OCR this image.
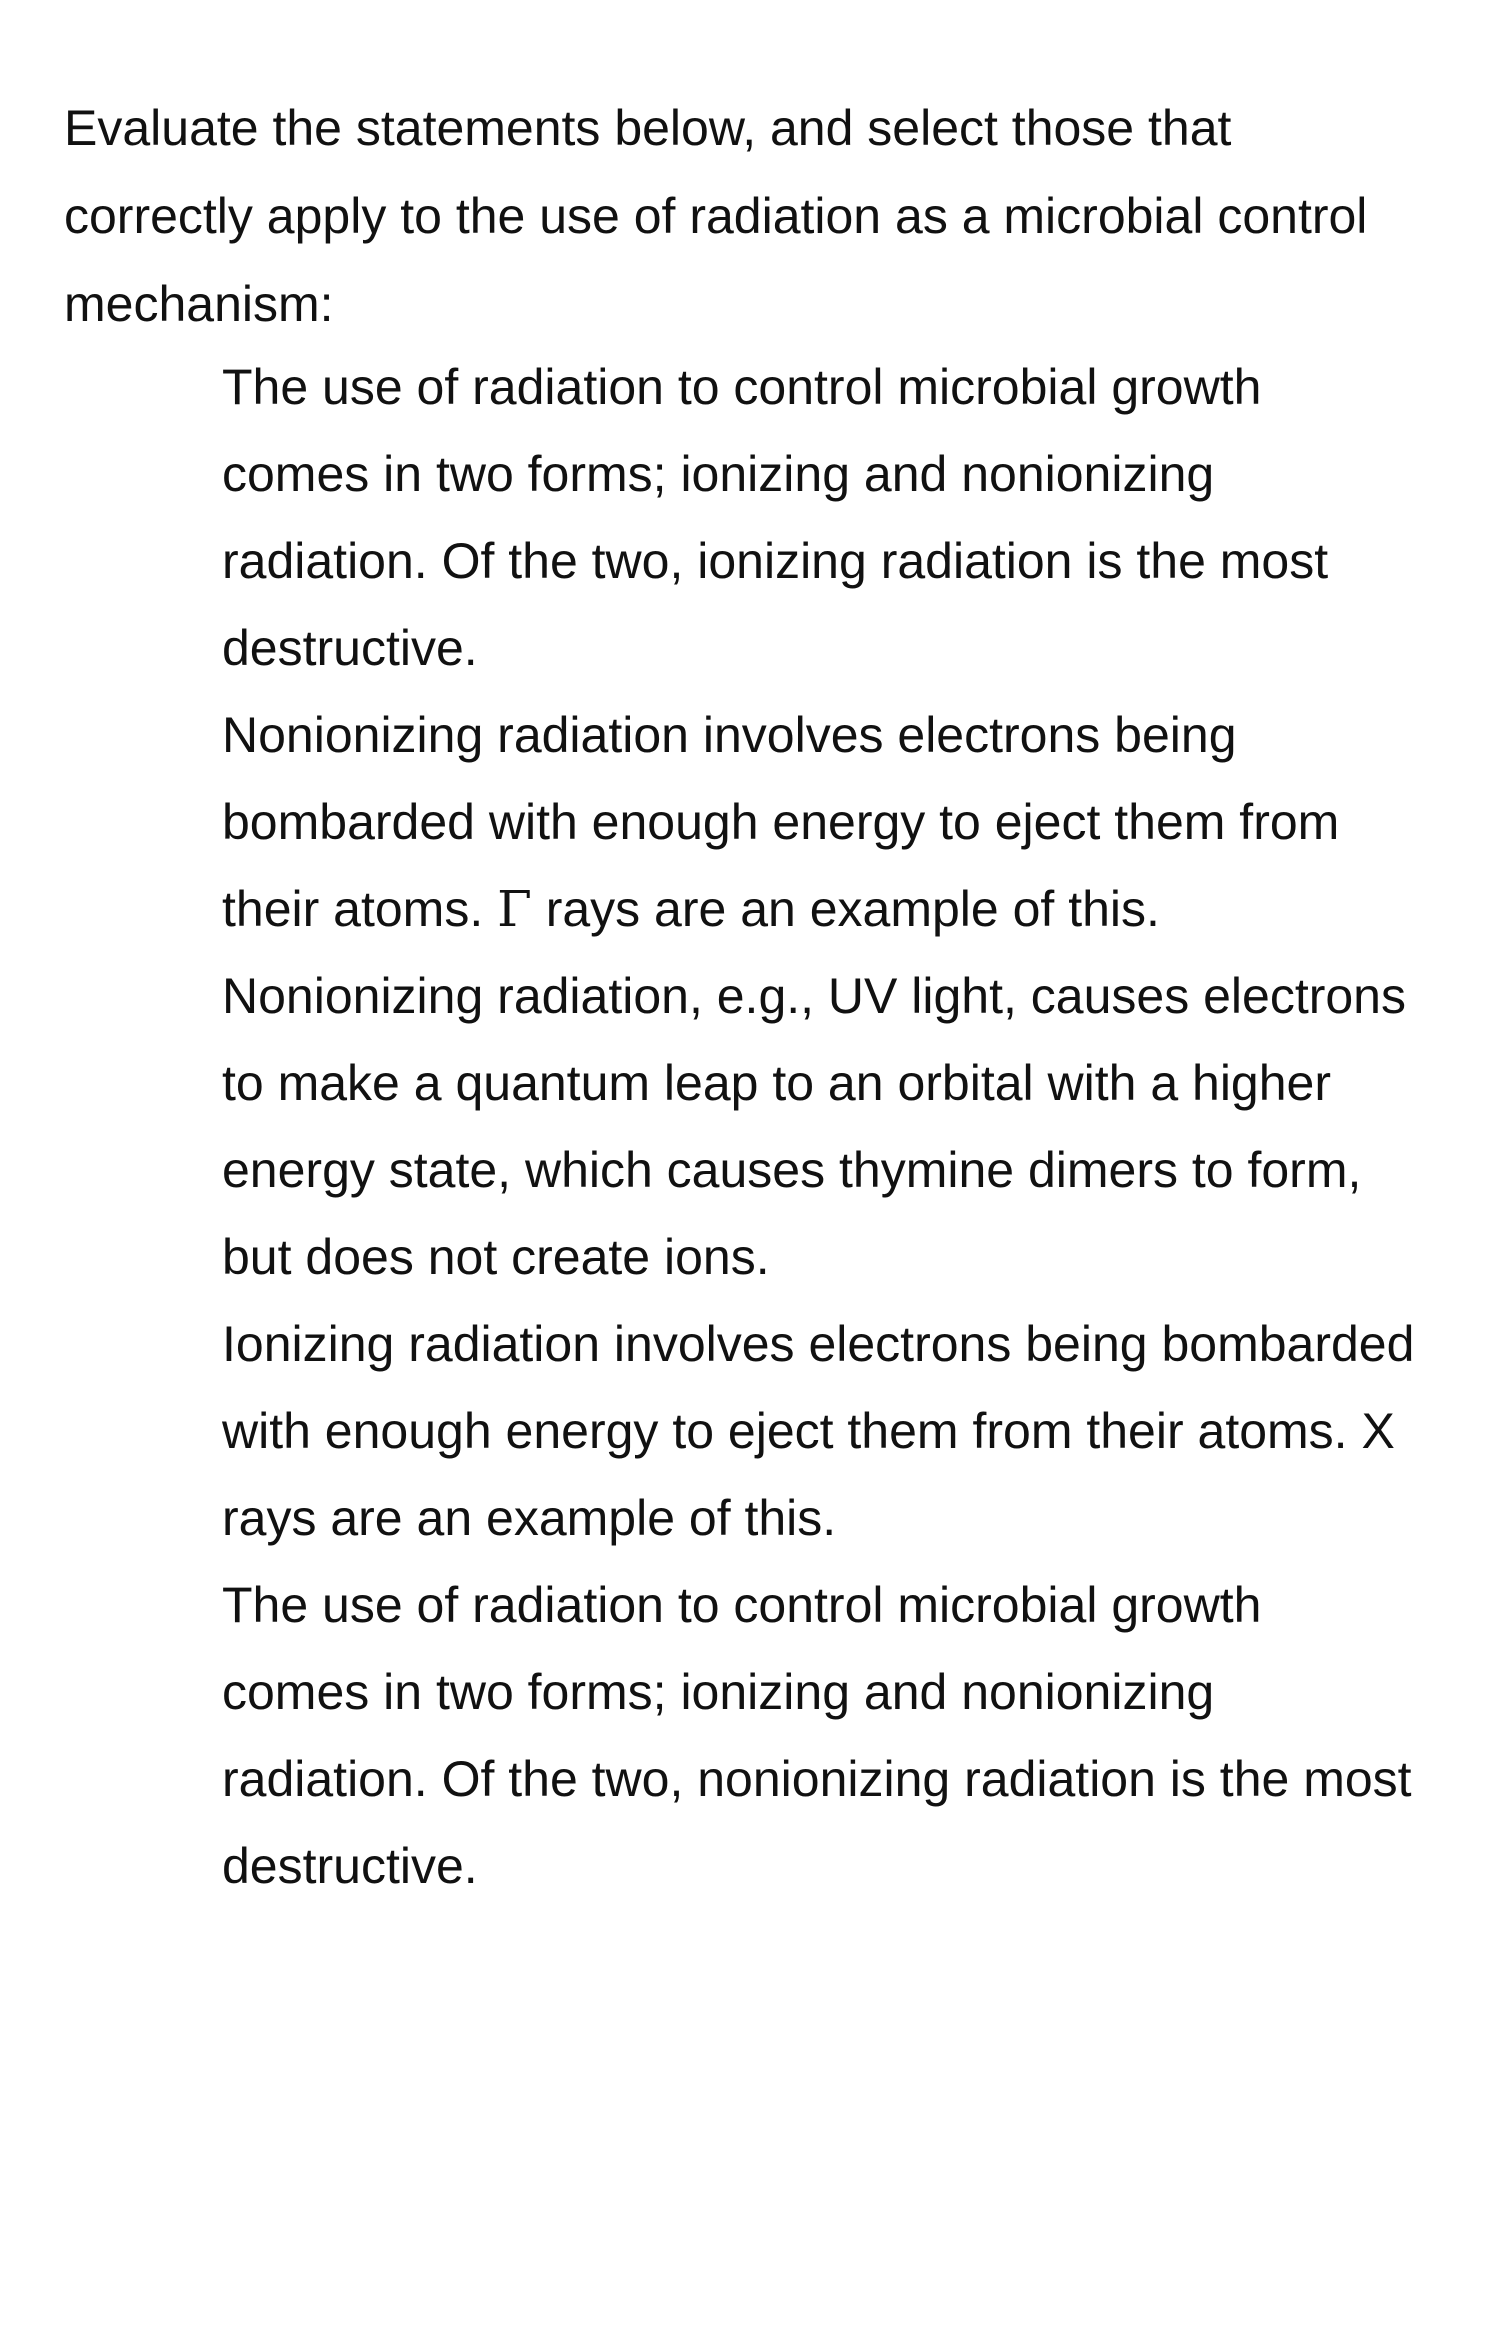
Evaluate the statements below, and select those that correctly apply to the use of radiation as a microbial control mechanism:

The use of radiation to control microbial growth comes in two forms; ionizing and nonionizing radiation. Of the two, ionizing radiation is the most destructive.
Nonionizing radiation involves electrons being bombarded with enough energy to eject them from their atoms. Γ rays are an example of this.
Nonionizing radiation, e.g., UV light, causes electrons to make a quantum leap to an orbital with a higher energy state, which causes thymine dimers to form, but does not create ions.
Ionizing radiation involves electrons being bombarded with enough energy to eject them from their atoms. X rays are an example of this.
The use of radiation to control microbial growth comes in two forms; ionizing and nonionizing radiation. Of the two, nonionizing radiation is the most destructive.
